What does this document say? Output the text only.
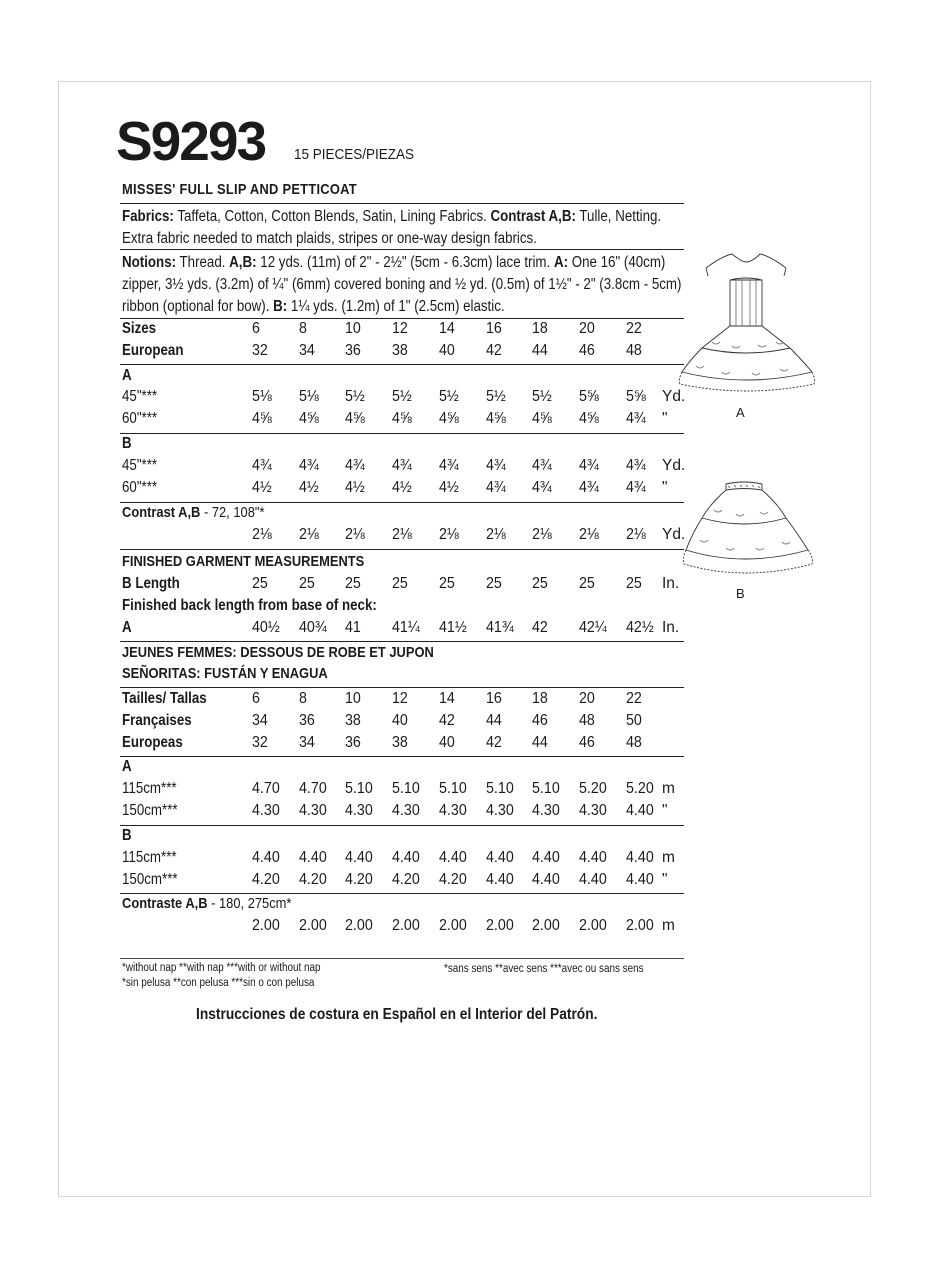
S9293 15 PIECES/PIEZAS
MISSES' FULL SLIP AND PETTICOAT
Fabrics: Taffeta, Cotton, Cotton Blends, Satin, Lining Fabrics. Contrast A,B: Tulle, Netting. Extra fabric needed to match plaids, stripes or one-way design fabrics.
Notions: Thread. A,B: 12 yds. (11m) of 2" - 2½" (5cm - 6.3cm) lace trim. A: One 16" (40cm) zipper, 3½ yds. (3.2m) of ¼" (6mm) covered boning and ½ yd. (0.5m) of 1½" - 2" (3.8cm - 5cm) ribbon (optional for bow). B: 1¼ yds. (1.2m) of 1" (2.5cm) elastic.
Sizes	6	8	10	12	14	16	18	20	22
European	32	34	36	38	40	42	44	46	48
A
45"***	5⅛	5⅛	5½	5½	5½	5½	5½	5⅝	5⅝	Yd.
60"***	4⅝	4⅝	4⅝	4⅝	4⅝	4⅝	4⅝	4⅝	4¾	"
B
45"***	4¾	4¾	4¾	4¾	4¾	4¾	4¾	4¾	4¾	Yd.
60"***	4½	4½	4½	4½	4½	4¾	4¾	4¾	4¾	"
Contrast A,B - 72, 108"*
2⅛	2⅛	2⅛	2⅛	2⅛	2⅛	2⅛	2⅛	2⅛	Yd.
FINISHED GARMENT MEASUREMENTS
B Length	25	25	25	25	25	25	25	25	25	In.
Finished back length from base of neck:
A	40½	40¾	41	41¼	41½	41¾	42	42¼	42½ In.
JEUNES FEMMES: DESSOUS DE ROBE ET JUPON
SEÑORITAS: FUSTÁN Y ENAGUA
Tailles/ Tallas	6	8	10	12	14	16	18	20	22
Françaises	34	36	38	40	42	44	46	48	50
Europeas	32	34	36	38	40	42	44	46	48
A
115cm***	4.70	4.70	5.10	5.10	5.10	5.10	5.10	5.20	5.20 m
150cm***	4.30	4.30	4.30	4.30	4.30	4.30	4.30	4.30	4.40 "
B
115cm***	4.40	4.40	4.40	4.40	4.40	4.40	4.40	4.40	4.40 m
150cm***	4.20	4.20	4.20	4.20	4.20	4.40	4.40	4.40	4.40 "
Contraste A,B - 180, 275cm*
2.00	2.00	2.00	2.00	2.00	2.00	2.00	2.00	2.00 m
*without nap **with nap ***with or without nap
*sin pelusa **con pelusa ***sin o con pelusa
*sans sens **avec sens ***avec ou sans sens
Instrucciones de costura en Español en el Interior del Patrón.
A
B
